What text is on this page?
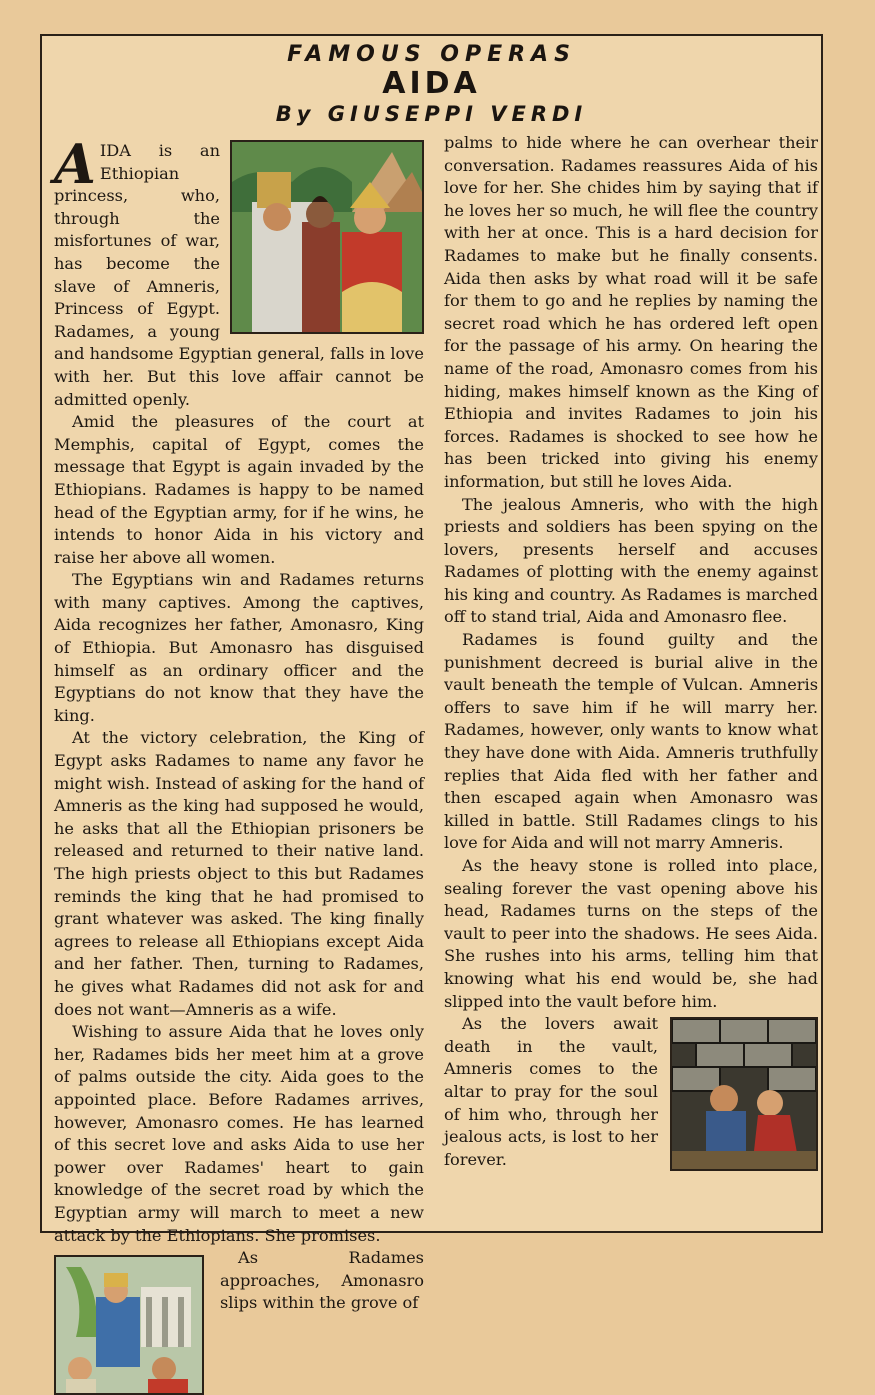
FAMOUS OPERAS
AIDA
By GIUSEPPI VERDI

AIDA is an Ethiopian princess, who, through the misfortunes of war, has become the slave of Amneris, Princess of Egypt. Radames, a young and handsome Egyptian general, falls in love with her. But this love affair cannot be admitted openly.

Amid the pleasures of the court at Memphis, capital of Egypt, comes the message that Egypt is again invaded by the Ethiopians. Radames is happy to be named head of the Egyptian army, for if he wins, he intends to honor Aida in his victory and raise her above all women.

The Egyptians win and Radames returns with many captives. Among the captives, Aida recognizes her father, Amonasro, King of Ethiopia. But Amonasro has disguised himself as an ordinary officer and the Egyptians do not know that they have the king.

At the victory celebration, the King of Egypt asks Radames to name any favor he might wish. Instead of asking for the hand of Amneris as the king had supposed he would, he asks that all the Ethiopian prisoners be released and returned to their native land. The high priests object to this but Radames reminds the king that he had promised to grant whatever was asked. The king finally agrees to release all Ethiopians except Aida and her father. Then, turning to Radames, he gives what Radames did not ask for and does not want—Amneris as a wife.

Wishing to assure Aida that he loves only her, Radames bids her meet him at a grove of palms outside the city. Aida goes to the appointed place. Before Radames arrives, however, Amonasro comes. He has learned of this secret love and asks Aida to use her power over Radames' heart to gain knowledge of the secret road by which the Egyptian army will march to meet a new attack by the Ethiopians. She promises.

As Radames approaches, Amonasro slips within the grove of

palms to hide where he can overhear their conversation. Radames reassures Aida of his love for her. She chides him by saying that if he loves her so much, he will flee the country with her at once. This is a hard decision for Radames to make but he finally consents. Aida then asks by what road will it be safe for them to go and he replies by naming the secret road which he has ordered left open for the passage of his army. On hearing the name of the road, Amonasro comes from his hiding, makes himself known as the King of Ethiopia and invites Radames to join his forces. Radames is shocked to see how he has been tricked into giving his enemy information, but still he loves Aida.

The jealous Amneris, who with the high priests and soldiers has been spying on the lovers, presents herself and accuses Radames of plotting with the enemy against his king and country. As Radames is marched off to stand trial, Aida and Amonasro flee.

Radames is found guilty and the punishment decreed is burial alive in the vault beneath the temple of Vulcan. Amneris offers to save him if he will marry her. Radames, however, only wants to know what they have done with Aida. Amneris truthfully replies that Aida fled with her father and then escaped again when Amonasro was killed in battle. Still Radames clings to his love for Aida and will not marry Amneris.

As the heavy stone is rolled into place, sealing forever the vast opening above his head, Radames turns on the steps of the vault to peer into the shadows. He sees Aida. She rushes into his arms, telling him that knowing what his end would be, she had slipped into the vault before him.

As the lovers await death in the vault, Amneris comes to the altar to pray for the soul of him who, through her jealous acts, is lost to her forever.
